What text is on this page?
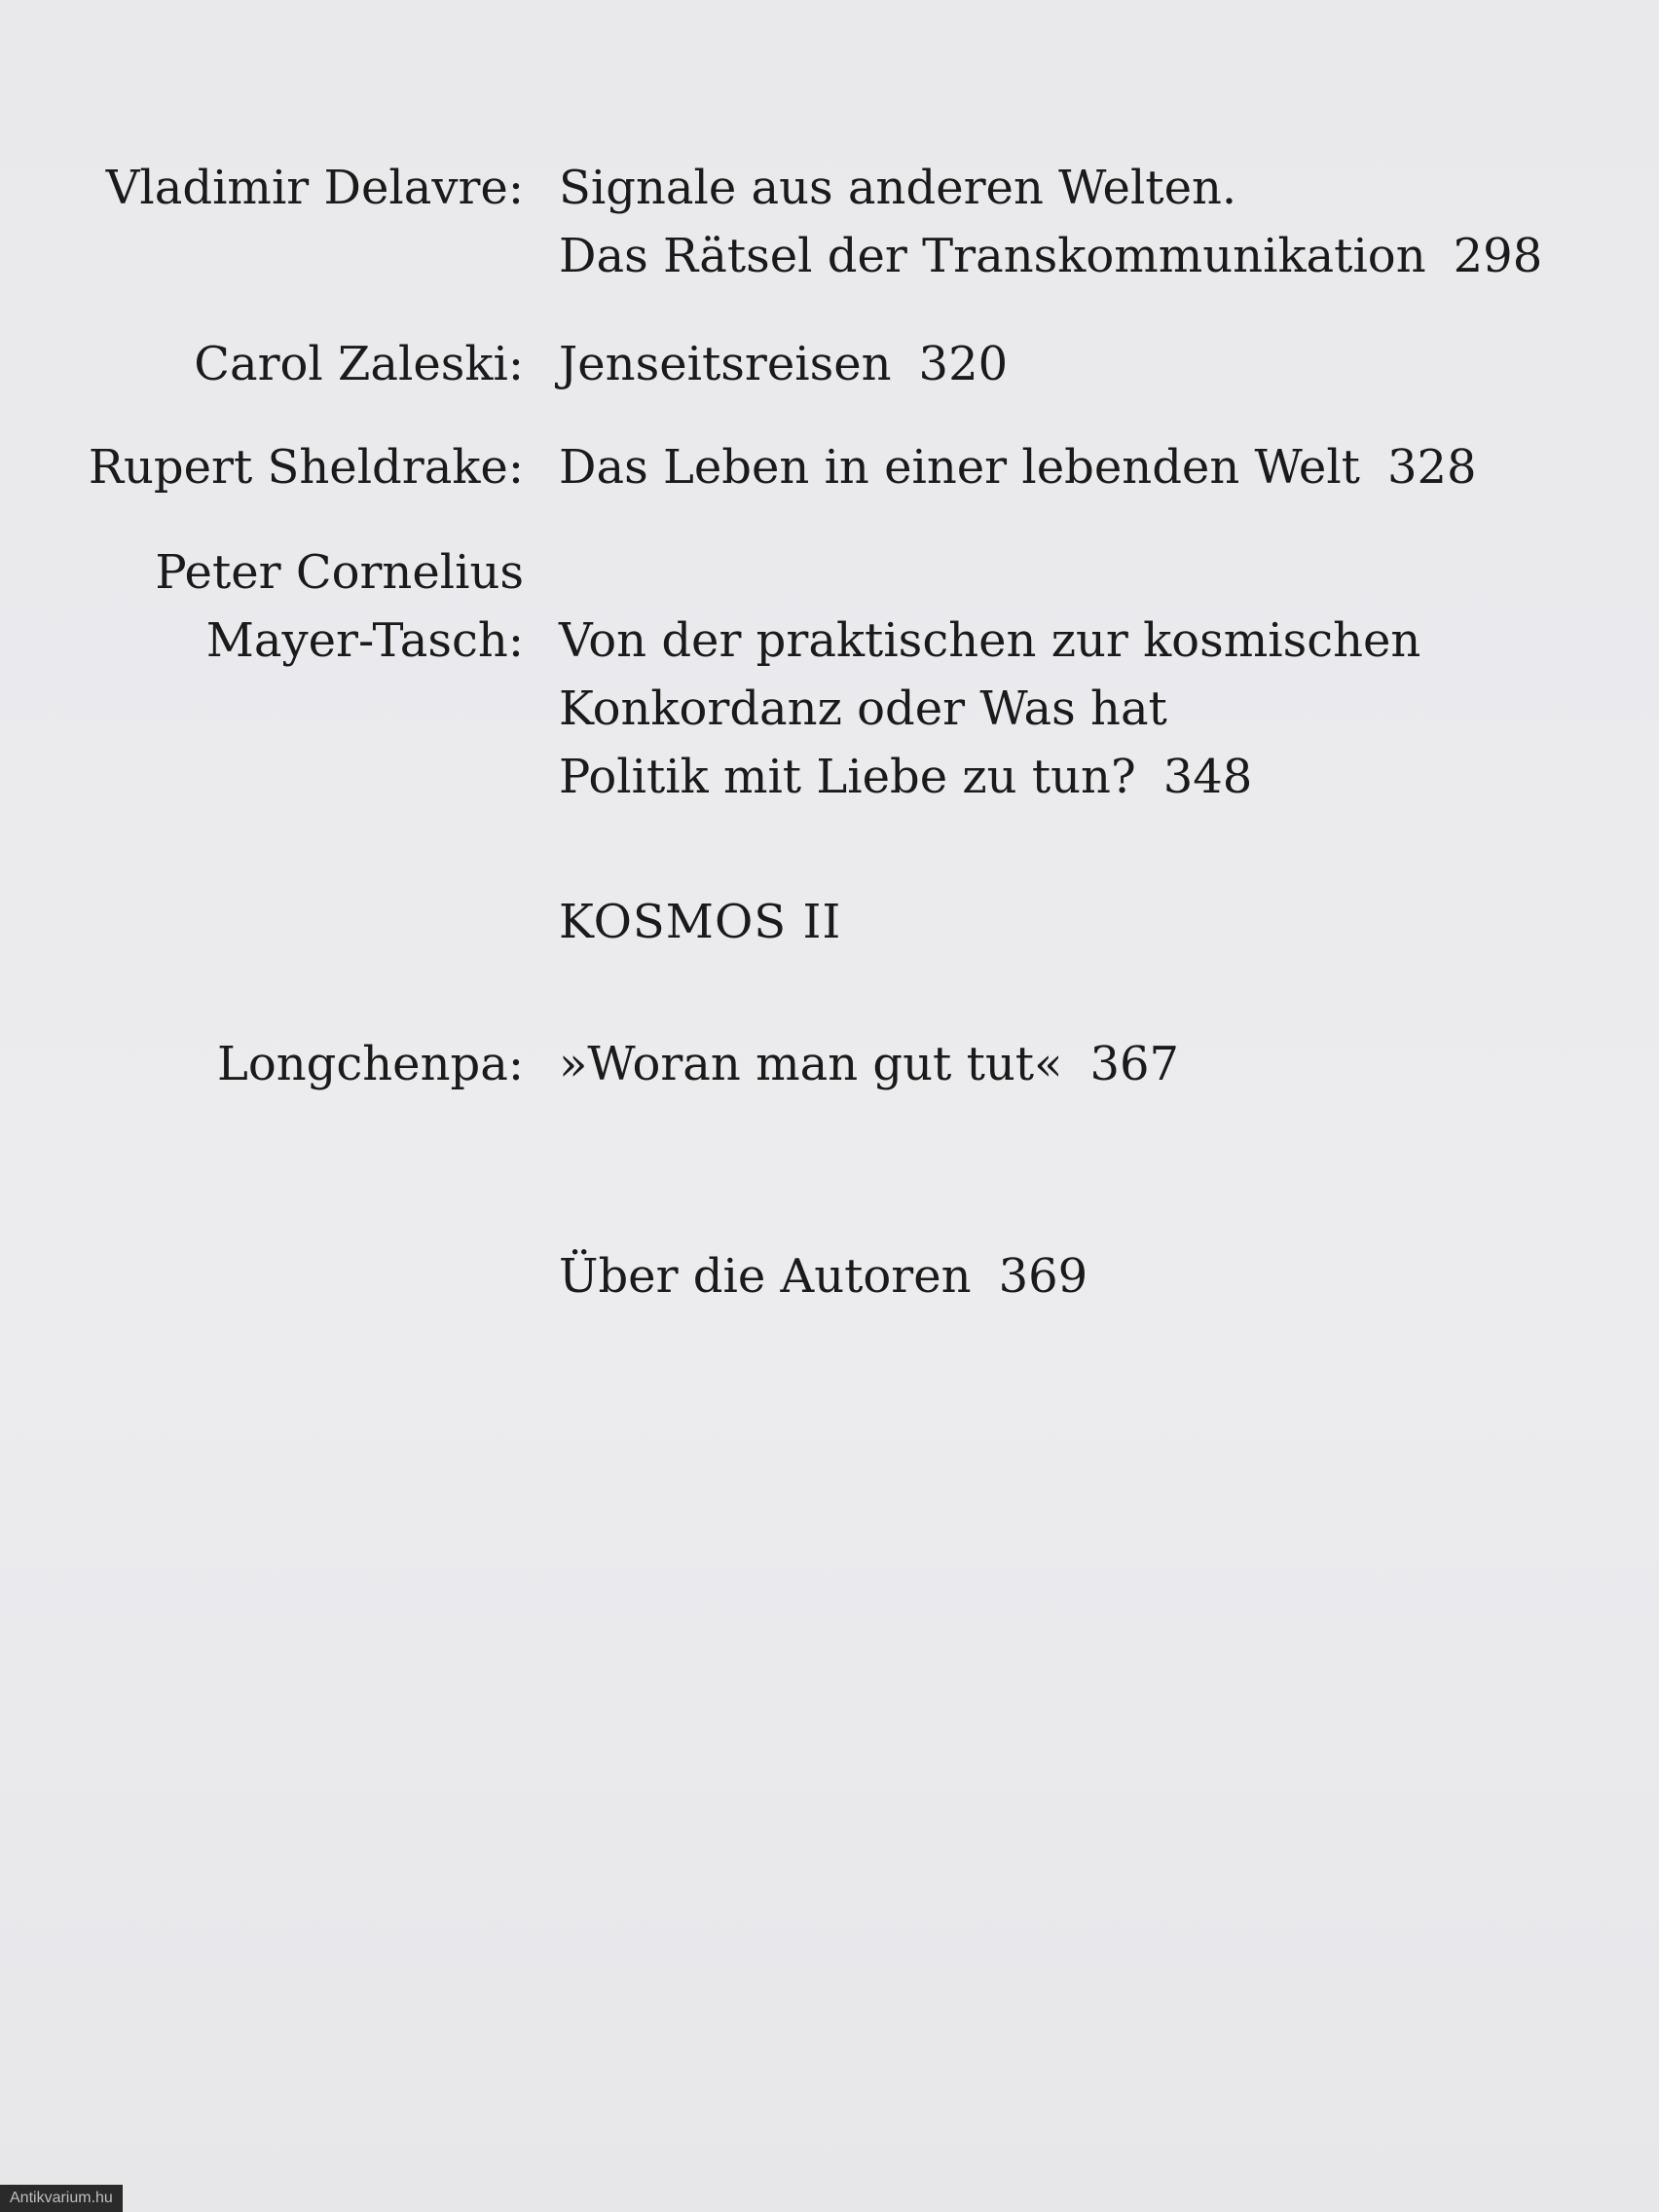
Vladimir Delavre: Signale aus anderen Welten.
Das Rätsel der Transkommunikation 298
Carol Zaleski: Jenseitsreisen 320
Rupert Sheldrake: Das Leben in einer lebenden Welt 328
Peter Cornelius
Mayer-Tasch: Von der praktischen zur kosmischen
Konkordanz oder Was hat
Politik mit Liebe zu tun? 348
KOSMOS II
Longchenpa: »Woran man gut tut« 367
Über die Autoren 369
Antikvarium.hu
